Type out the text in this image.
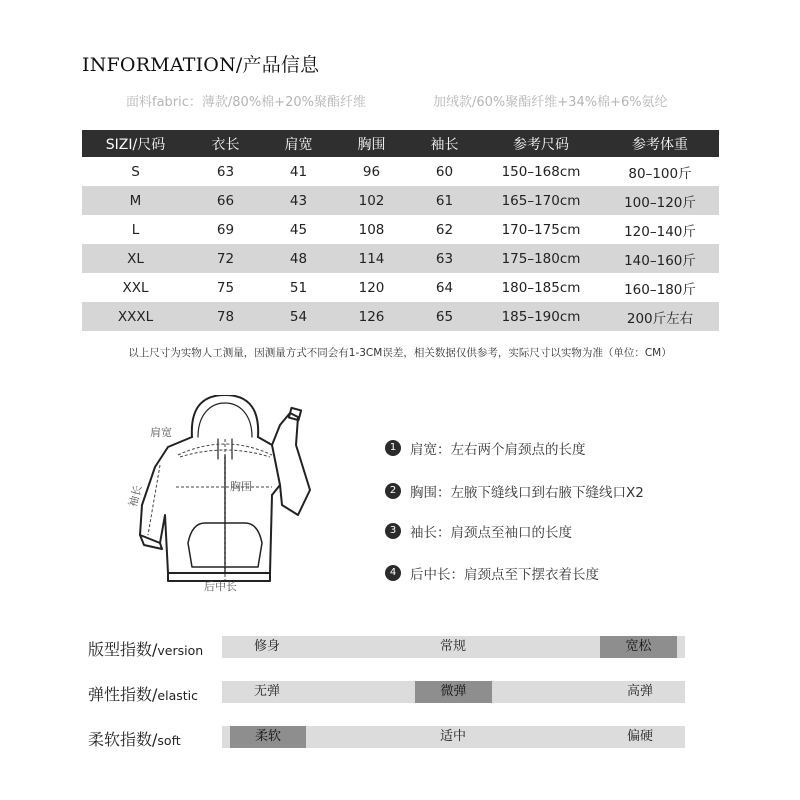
INFORMATION/产品信息
面料fabric：薄款/80%棉+20%聚酯纤维	加绒款/60%聚酯纤维+34%棉+6%氨纶
SIZI/尺码	衣长	肩宽	胸围	袖长	参考尺码	参考体重
S	63	41	96	60	150–168cm	80–100斤
M	66	43	102	61	165–170cm	100–120斤
L	69	45	108	62	170–175cm	120–140斤
XL	72	48	114	63	175–180cm	140–160斤
XXL	75	51	120	64	180–185cm	160–180斤
XXXL	78	54	126	65	185–190cm	200斤左右
以上尺寸为实物人工测量，因测量方式不同会有1-3CM误差，相关数据仅供参考，实际尺寸以实物为准（单位：CM）
肩宽
胸围
袖长
后中长
1	肩宽：左右两个肩颈点的长度
2	胸围：左腋下缝线口到右腋下缝线口X2
3	袖长：肩颈点至袖口的长度
4	后中长：肩颈点至下摆衣着长度
版型指数/version	修身	常规	宽松
弹性指数/elastic	无弹	微弹	高弹
柔软指数/soft	柔软	适中	偏硬
